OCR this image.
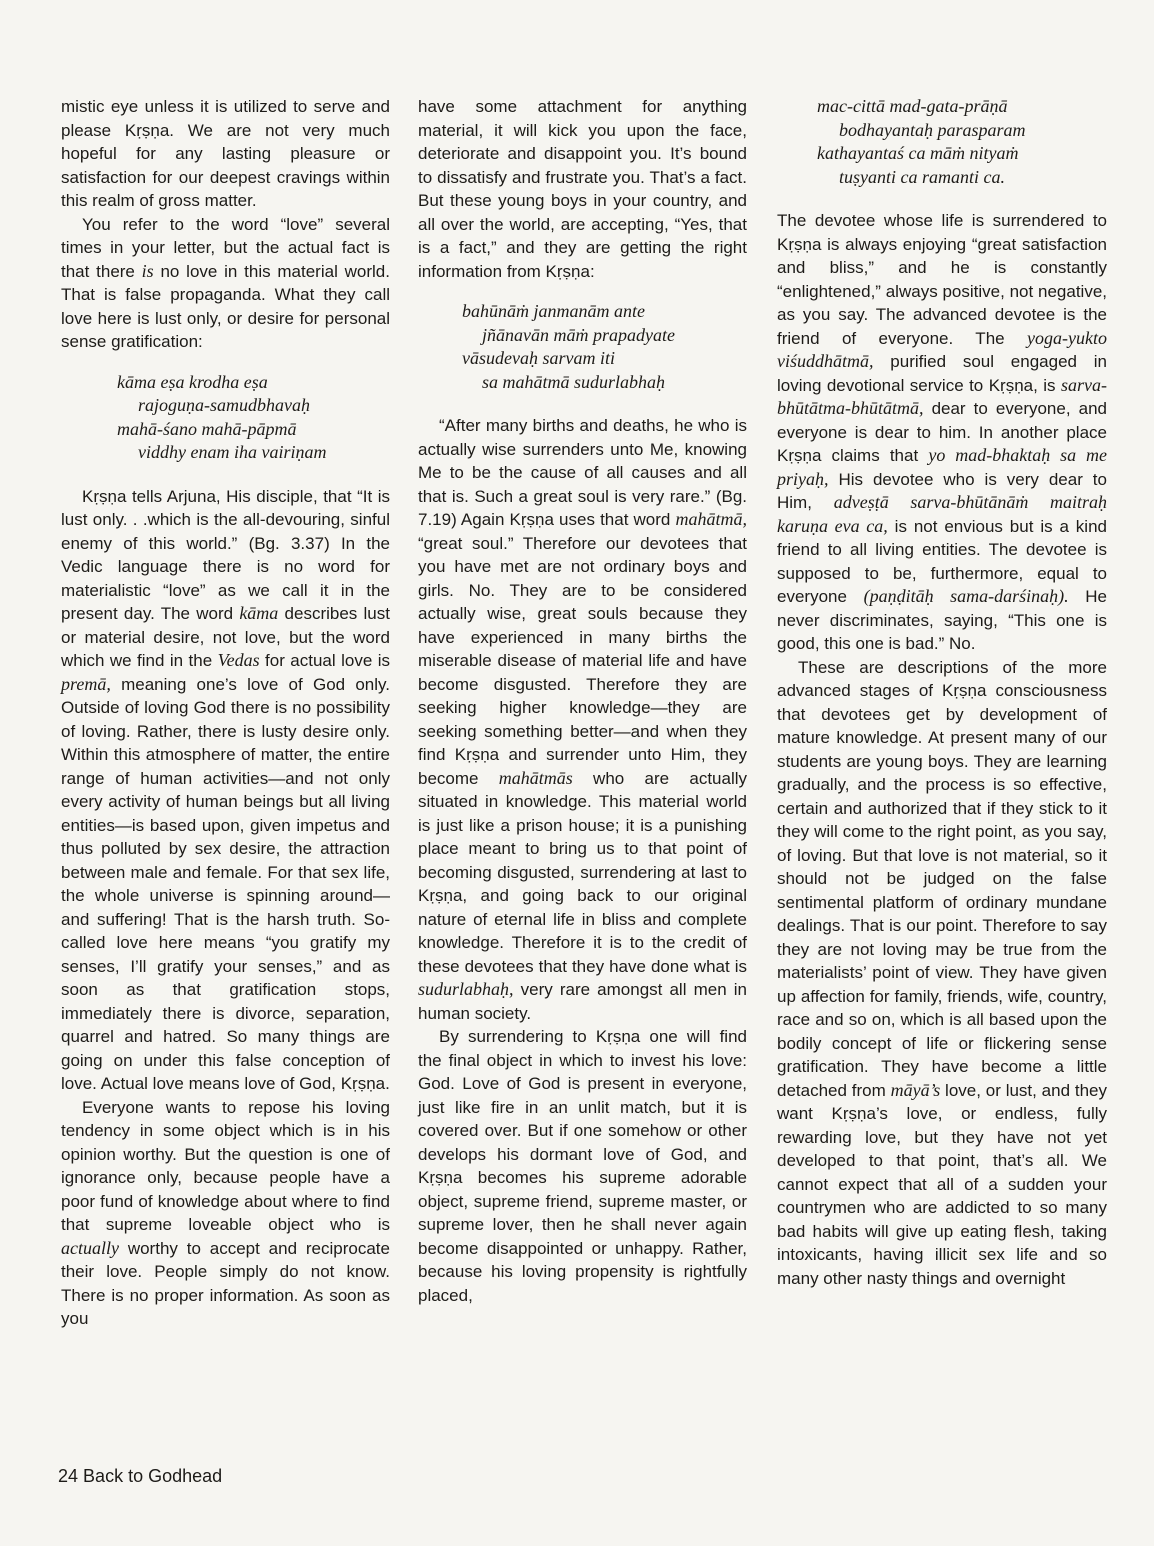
mistic eye unless it is utilized to serve and please Kṛṣṇa. We are not very much hopeful for any lasting pleasure or satisfaction for our deepest cravings within this realm of gross matter.

You refer to the word “love” several times in your letter, but the actual fact is that there is no love in this material world. That is false propaganda. What they call love here is lust only, or desire for personal sense gratification:

kāma eṣa krodha eṣa
rajoguṇa-samudbhavaḥ
mahā-śano mahā-pāpmā
viddhy enam iha vairiṇam

Kṛṣṇa tells Arjuna, His disciple, that “It is lust only. . .which is the all-devouring, sinful enemy of this world.” (Bg. 3.37) In the Vedic language there is no word for materialistic “love” as we call it in the present day. The word kāma describes lust or material desire, not love, but the word which we find in the Vedas for actual love is premā, meaning one’s love of God only. Outside of loving God there is no possibility of loving. Rather, there is lusty desire only. Within this atmosphere of matter, the entire range of human activities—and not only every activity of human beings but all living entities—is based upon, given impetus and thus polluted by sex desire, the attraction between male and female. For that sex life, the whole universe is spinning around—and suffering! That is the harsh truth. So-called love here means “you gratify my senses, I’ll gratify your senses,” and as soon as that gratification stops, immediately there is divorce, separation, quarrel and hatred. So many things are going on under this false conception of love. Actual love means love of God, Kṛṣṇa.

Everyone wants to repose his loving tendency in some object which is in his opinion worthy. But the question is one of ignorance only, because people have a poor fund of knowledge about where to find that supreme loveable object who is actually worthy to accept and reciprocate their love. People simply do not know. There is no proper information. As soon as you

have some attachment for anything material, it will kick you upon the face, deteriorate and disappoint you. It’s bound to dissatisfy and frustrate you. That’s a fact. But these young boys in your country, and all over the world, are accepting, “Yes, that is a fact,” and they are getting the right information from Kṛṣṇa:

bahūnāṁ janmanām ante
jñānavān māṁ prapadyate
vāsudevaḥ sarvam iti
sa mahātmā sudurlabhaḥ

“After many births and deaths, he who is actually wise surrenders unto Me, knowing Me to be the cause of all causes and all that is. Such a great soul is very rare.” (Bg. 7.19) Again Kṛṣṇa uses that word mahātmā, “great soul.” Therefore our devotees that you have met are not ordinary boys and girls. No. They are to be considered actually wise, great souls because they have experienced in many births the miserable disease of material life and have become disgusted. Therefore they are seeking higher knowledge—they are seeking something better—and when they find Kṛṣṇa and surrender unto Him, they become mahātmās who are actually situated in knowledge. This material world is just like a prison house; it is a punishing place meant to bring us to that point of becoming disgusted, surrendering at last to Kṛṣṇa, and going back to our original nature of eternal life in bliss and complete knowledge. Therefore it is to the credit of these devotees that they have done what is sudurlabhaḥ, very rare amongst all men in human society.

By surrendering to Kṛṣṇa one will find the final object in which to invest his love: God. Love of God is present in everyone, just like fire in an unlit match, but it is covered over. But if one somehow or other develops his dormant love of God, and Kṛṣṇa becomes his supreme adorable object, supreme friend, supreme master, or supreme lover, then he shall never again become disappointed or unhappy. Rather, because his loving propensity is rightfully placed,

mac-cittā mad-gata-prāṇā
bodhayantaḥ parasparam
kathayantaś ca māṁ nityaṁ
tuṣyanti ca ramanti ca.

The devotee whose life is surrendered to Kṛṣṇa is always enjoying “great satisfaction and bliss,” and he is constantly “enlightened,” always positive, not negative, as you say. The advanced devotee is the friend of everyone. The yoga-yukto viśuddhātmā, purified soul engaged in loving devotional service to Kṛṣṇa, is sarva-bhūtātma-bhūtātmā, dear to everyone, and everyone is dear to him. In another place Kṛṣṇa claims that yo mad-bhaktaḥ sa me priyaḥ, His devotee who is very dear to Him, adveṣṭā sarva-bhūtānāṁ maitraḥ karuṇa eva ca, is not envious but is a kind friend to all living entities. The devotee is supposed to be, furthermore, equal to everyone (paṇḍitāḥ sama-darśinaḥ). He never discriminates, saying, “This one is good, this one is bad.” No.

These are descriptions of the more advanced stages of Kṛṣṇa consciousness that devotees get by development of mature knowledge. At present many of our students are young boys. They are learning gradually, and the process is so effective, certain and authorized that if they stick to it they will come to the right point, as you say, of loving. But that love is not material, so it should not be judged on the false sentimental platform of ordinary mundane dealings. That is our point. Therefore to say they are not loving may be true from the materialists’ point of view. They have given up affection for family, friends, wife, country, race and so on, which is all based upon the bodily concept of life or flickering sense gratification. They have become a little detached from māyā’s love, or lust, and they want Kṛṣṇa’s love, or endless, fully rewarding love, but they have not yet developed to that point, that’s all. We cannot expect that all of a sudden your countrymen who are addicted to so many bad habits will give up eating flesh, taking intoxicants, having illicit sex life and so many other nasty things and overnight

24 Back to Godhead
